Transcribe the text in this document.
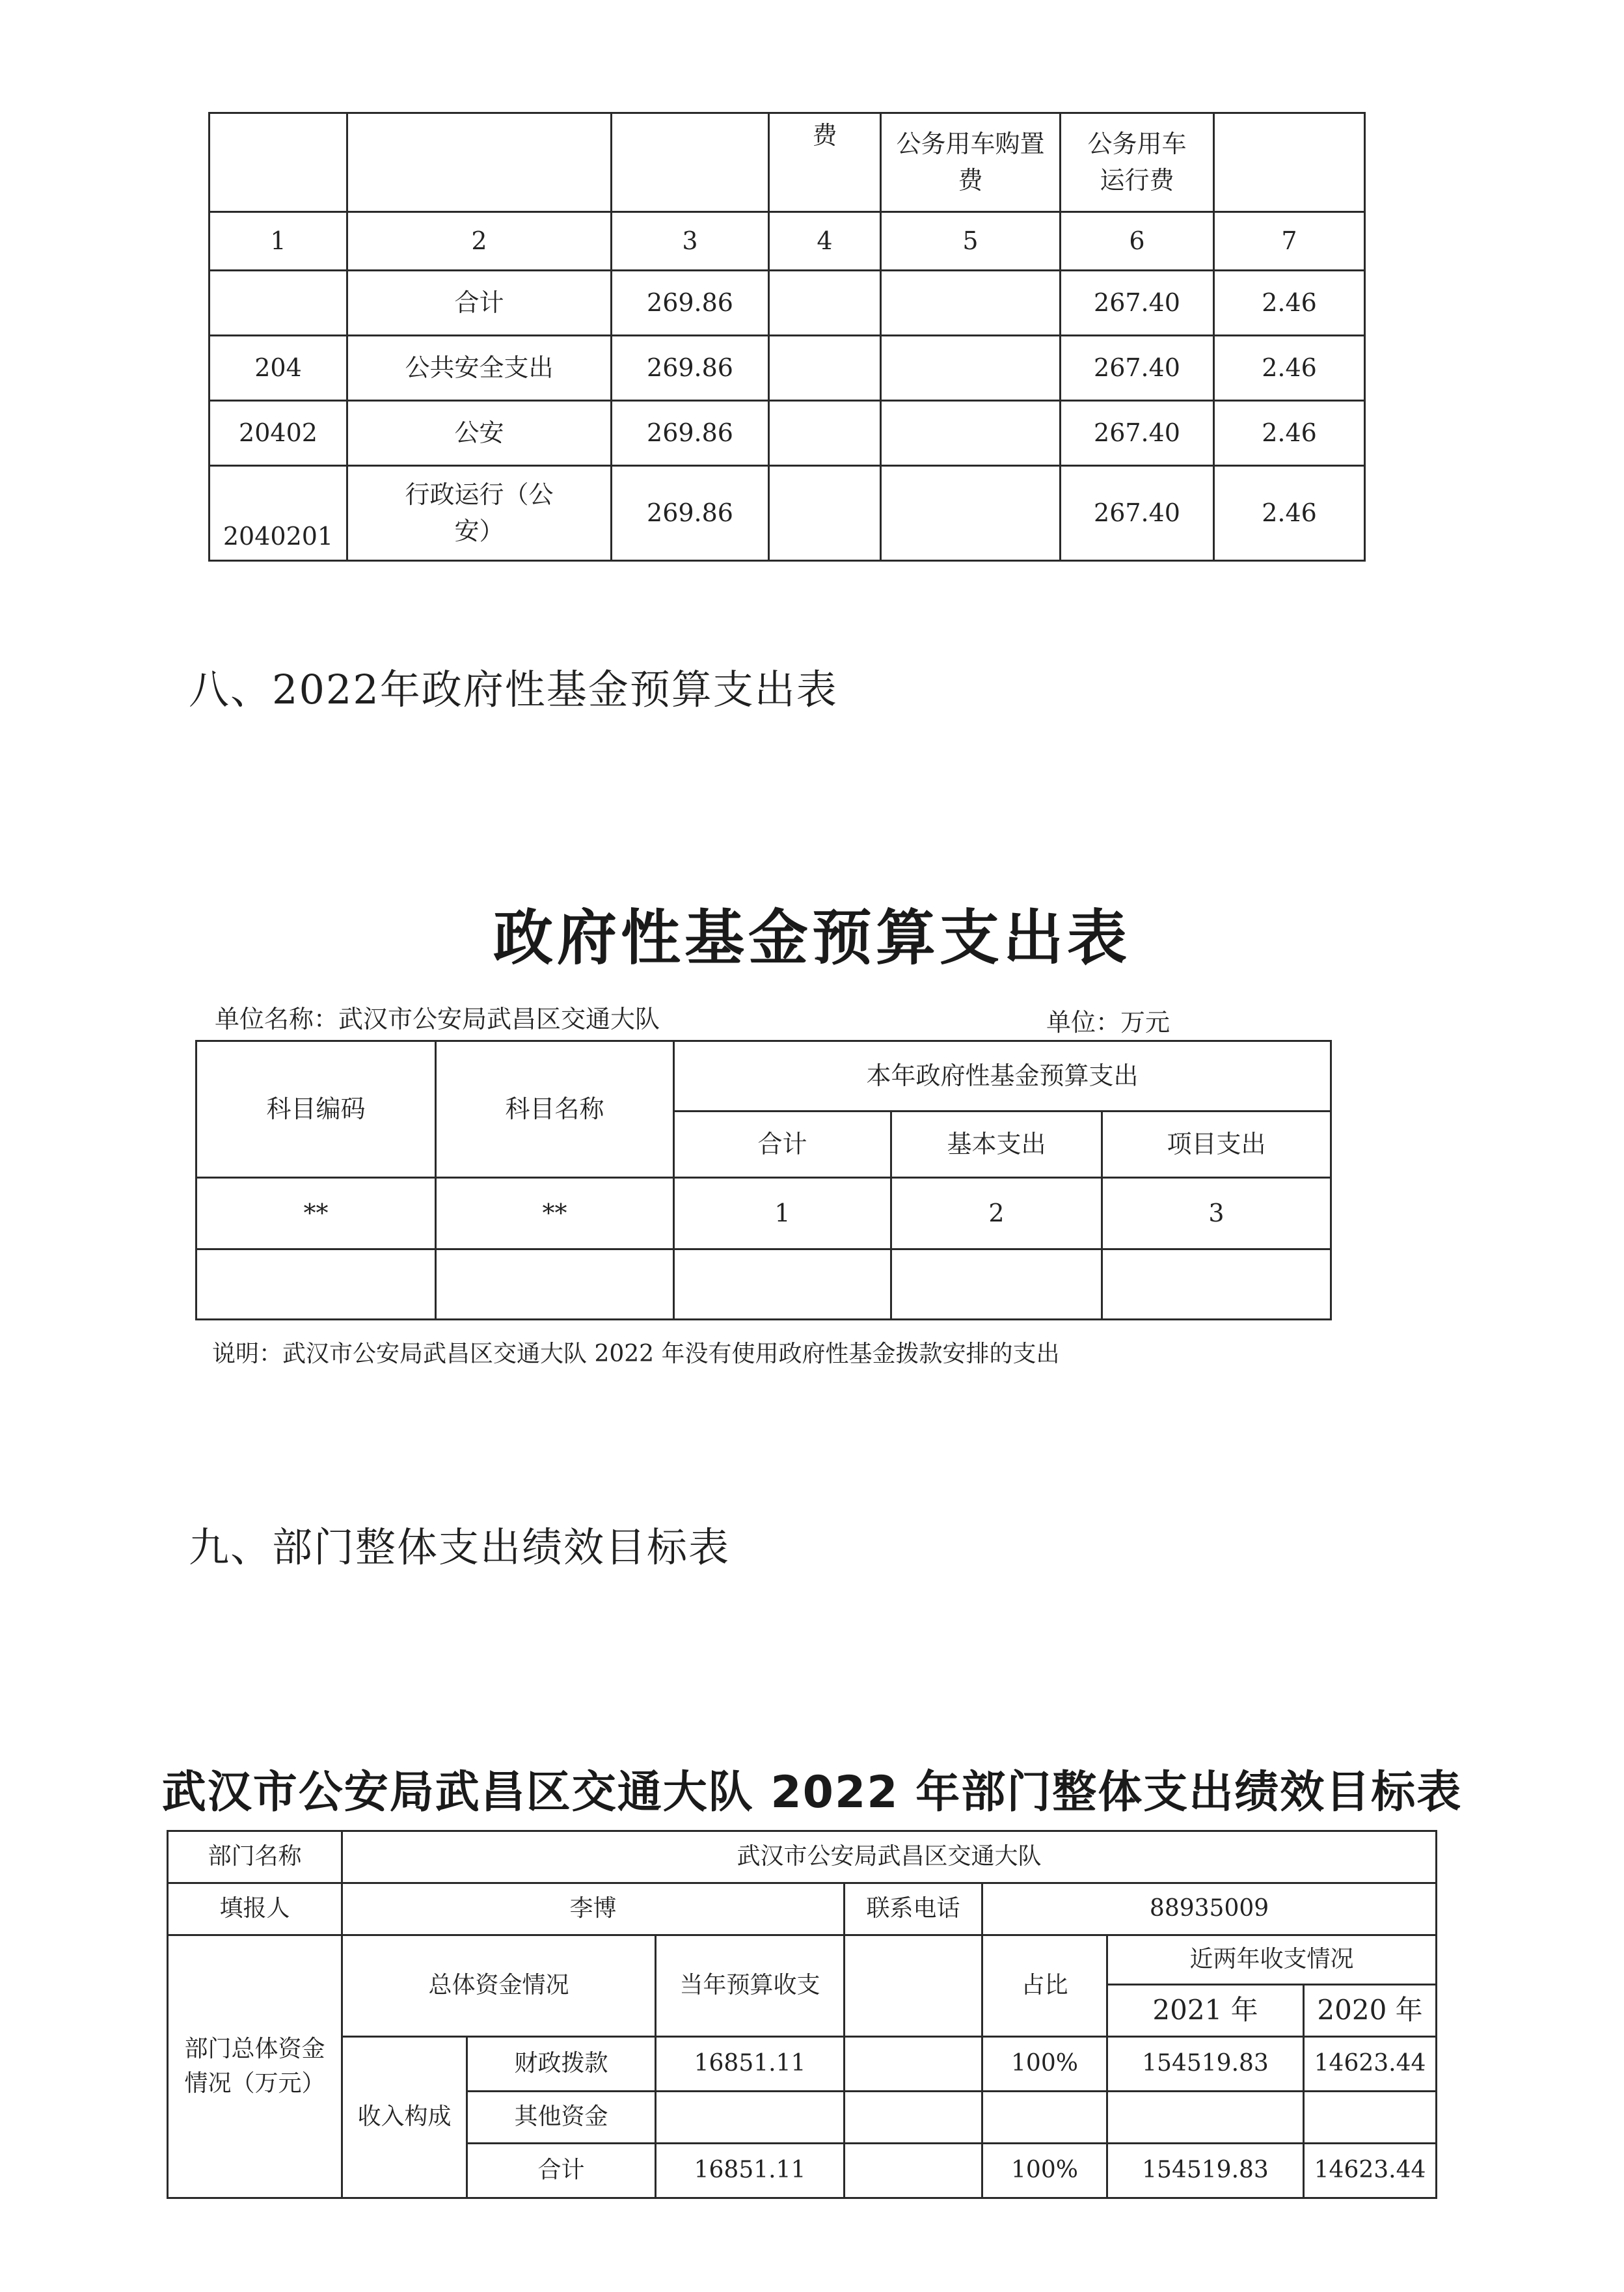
			费	公务用车购置费	公务用车运行费	
1	2	3	4	5	6	7
	合计	269.86			267.40	2.46
204	公共安全支出	269.86			267.40	2.46
20402	公安	269.86			267.40	2.46
2040201	行政运行（公安）	269.86			267.40	2.46
八、2022年政府性基金预算支出表
政府性基金预算支出表
单位名称：武汉市公安局武昌区交通大队	单位：万元
科目编码	科目名称	本年政府性基金预算支出		
		合计	基本支出	项目支出
**	**	1	2	3

说明：武汉市公安局武昌区交通大队 2022 年没有使用政府性基金拨款安排的支出
九、部门整体支出绩效目标表
武汉市公安局武昌区交通大队 2022 年部门整体支出绩效目标表
部门名称	武汉市公安局武昌区交通大队						
填报人	李博			联系电话	88935009		
部门总体资金情况（万元）	总体资金情况		当年预算收支		占比	近两年收支情况	
						2021 年	2020 年
	收入构成	财政拨款	16851.11		100%	154519.83	14623.44
		其他资金					
		合计	16851.11		100%	154519.83	14623.44
